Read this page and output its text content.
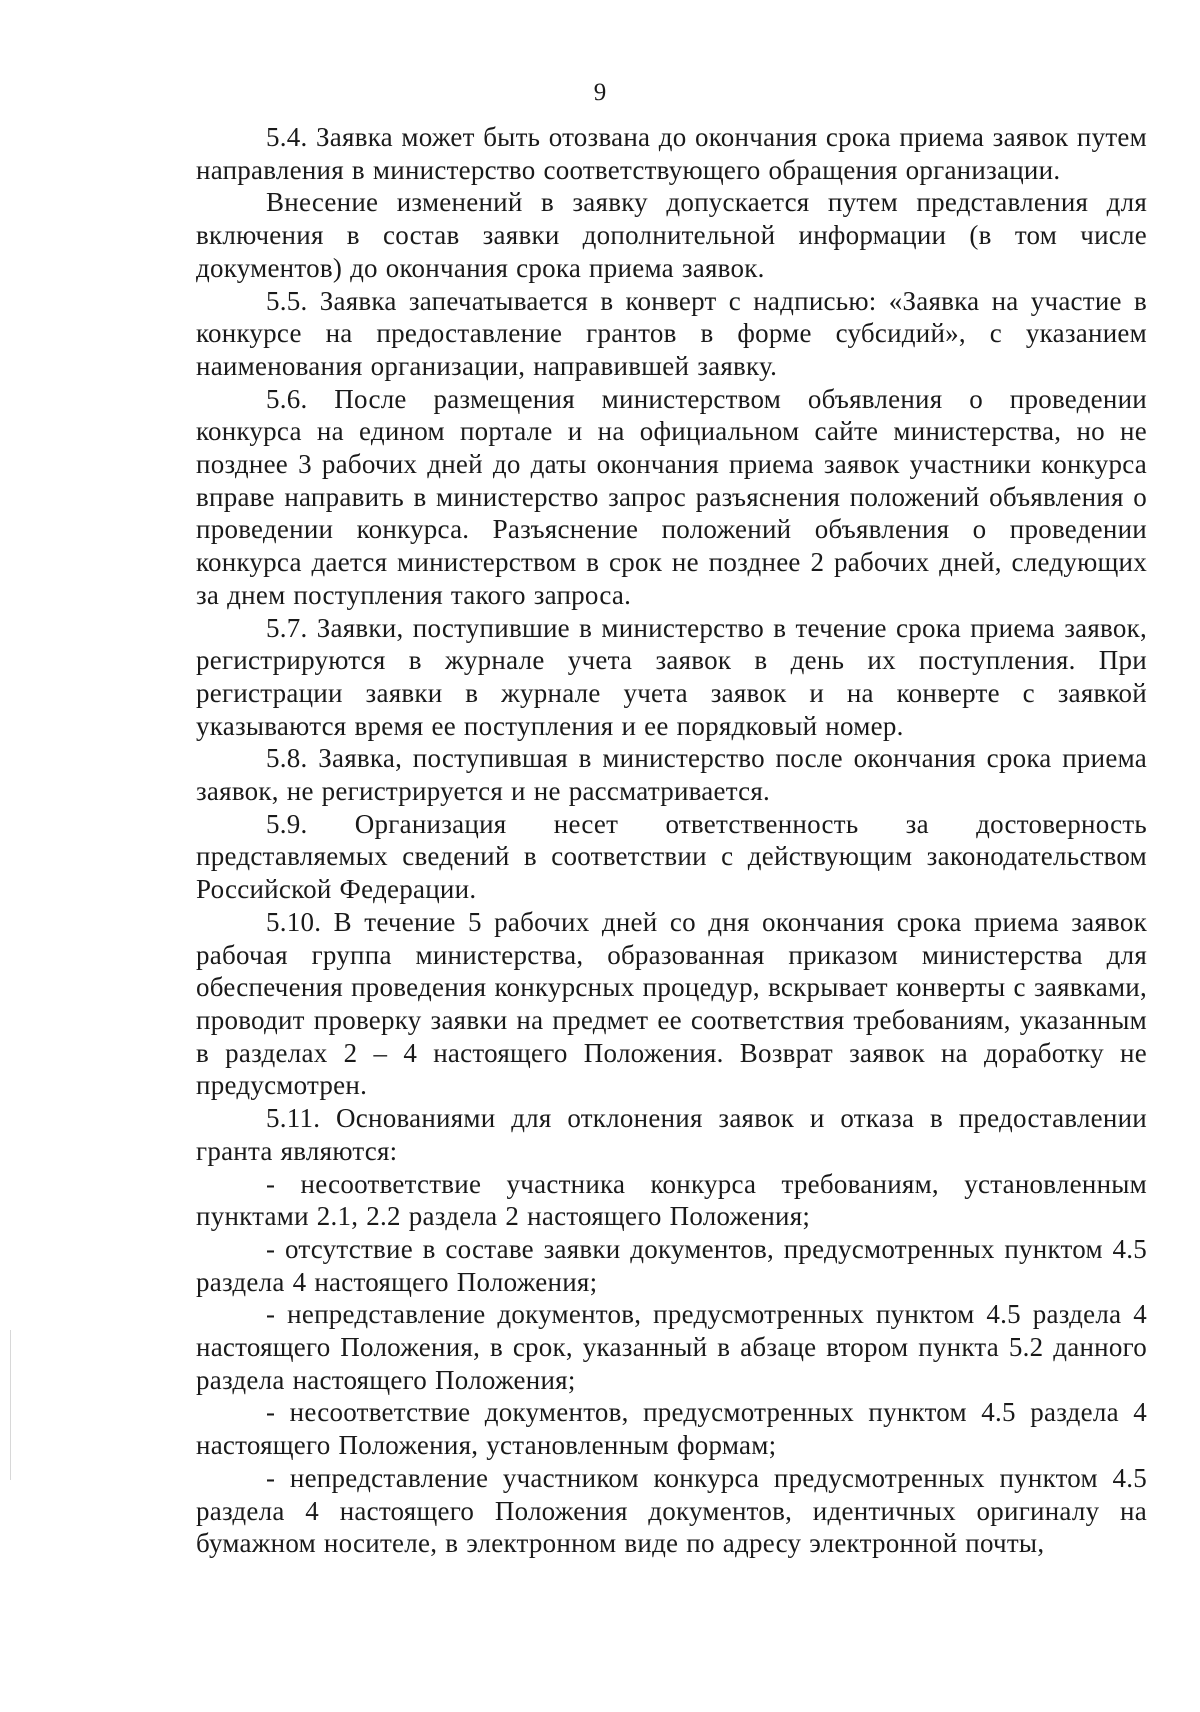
9

5.4. Заявка может быть отозвана до окончания срока приема заявок путем направления в министерство соответствующего обращения организации.

Внесение изменений в заявку допускается путем представления для включения в состав заявки дополнительной информации (в том числе документов) до окончания срока приема заявок.

5.5. Заявка запечатывается в конверт с надписью: «Заявка на участие в конкурсе на предоставление грантов в форме субсидий», с указанием наименования организации, направившей заявку.

5.6. После размещения министерством объявления о проведении конкурса на едином портале и на официальном сайте министерства, но не позднее 3 рабочих дней до даты окончания приема заявок участники конкурса вправе направить в министерство запрос разъяснения положений объявления о проведении конкурса. Разъяснение положений объявления о проведении конкурса дается министерством в срок не позднее 2 рабочих дней, следующих за днем поступления такого запроса.

5.7. Заявки, поступившие в министерство в течение срока приема заявок, регистрируются в журнале учета заявок в день их поступления. При регистрации заявки в журнале учета заявок и на конверте с заявкой указываются время ее поступления и ее порядковый номер.

5.8. Заявка, поступившая в министерство после окончания срока приема заявок, не регистрируется и не рассматривается.

5.9. Организация несет ответственность за достоверность представляемых сведений в соответствии с действующим законодательством Российской Федерации.

5.10. В течение 5 рабочих дней со дня окончания срока приема заявок рабочая группа министерства, образованная приказом министерства для обеспечения проведения конкурсных процедур, вскрывает конверты с заявками, проводит проверку заявки на предмет ее соответствия требованиям, указанным в разделах 2 – 4 настоящего Положения. Возврат заявок на доработку не предусмотрен.

5.11. Основаниями для отклонения заявок и отказа в предоставлении гранта являются:

- несоответствие участника конкурса требованиям, установленным пунктами 2.1, 2.2 раздела 2 настоящего Положения;

- отсутствие в составе заявки документов, предусмотренных пунктом 4.5 раздела 4 настоящего Положения;

- непредставление документов, предусмотренных пунктом 4.5 раздела 4 настоящего Положения, в срок, указанный в абзаце втором пункта 5.2 данного раздела настоящего Положения;

- несоответствие документов, предусмотренных пунктом 4.5 раздела 4 настоящего Положения, установленным формам;

- непредставление участником конкурса предусмотренных пунктом 4.5 раздела 4 настоящего Положения документов, идентичных оригиналу на бумажном носителе, в электронном виде по адресу электронной почты,
